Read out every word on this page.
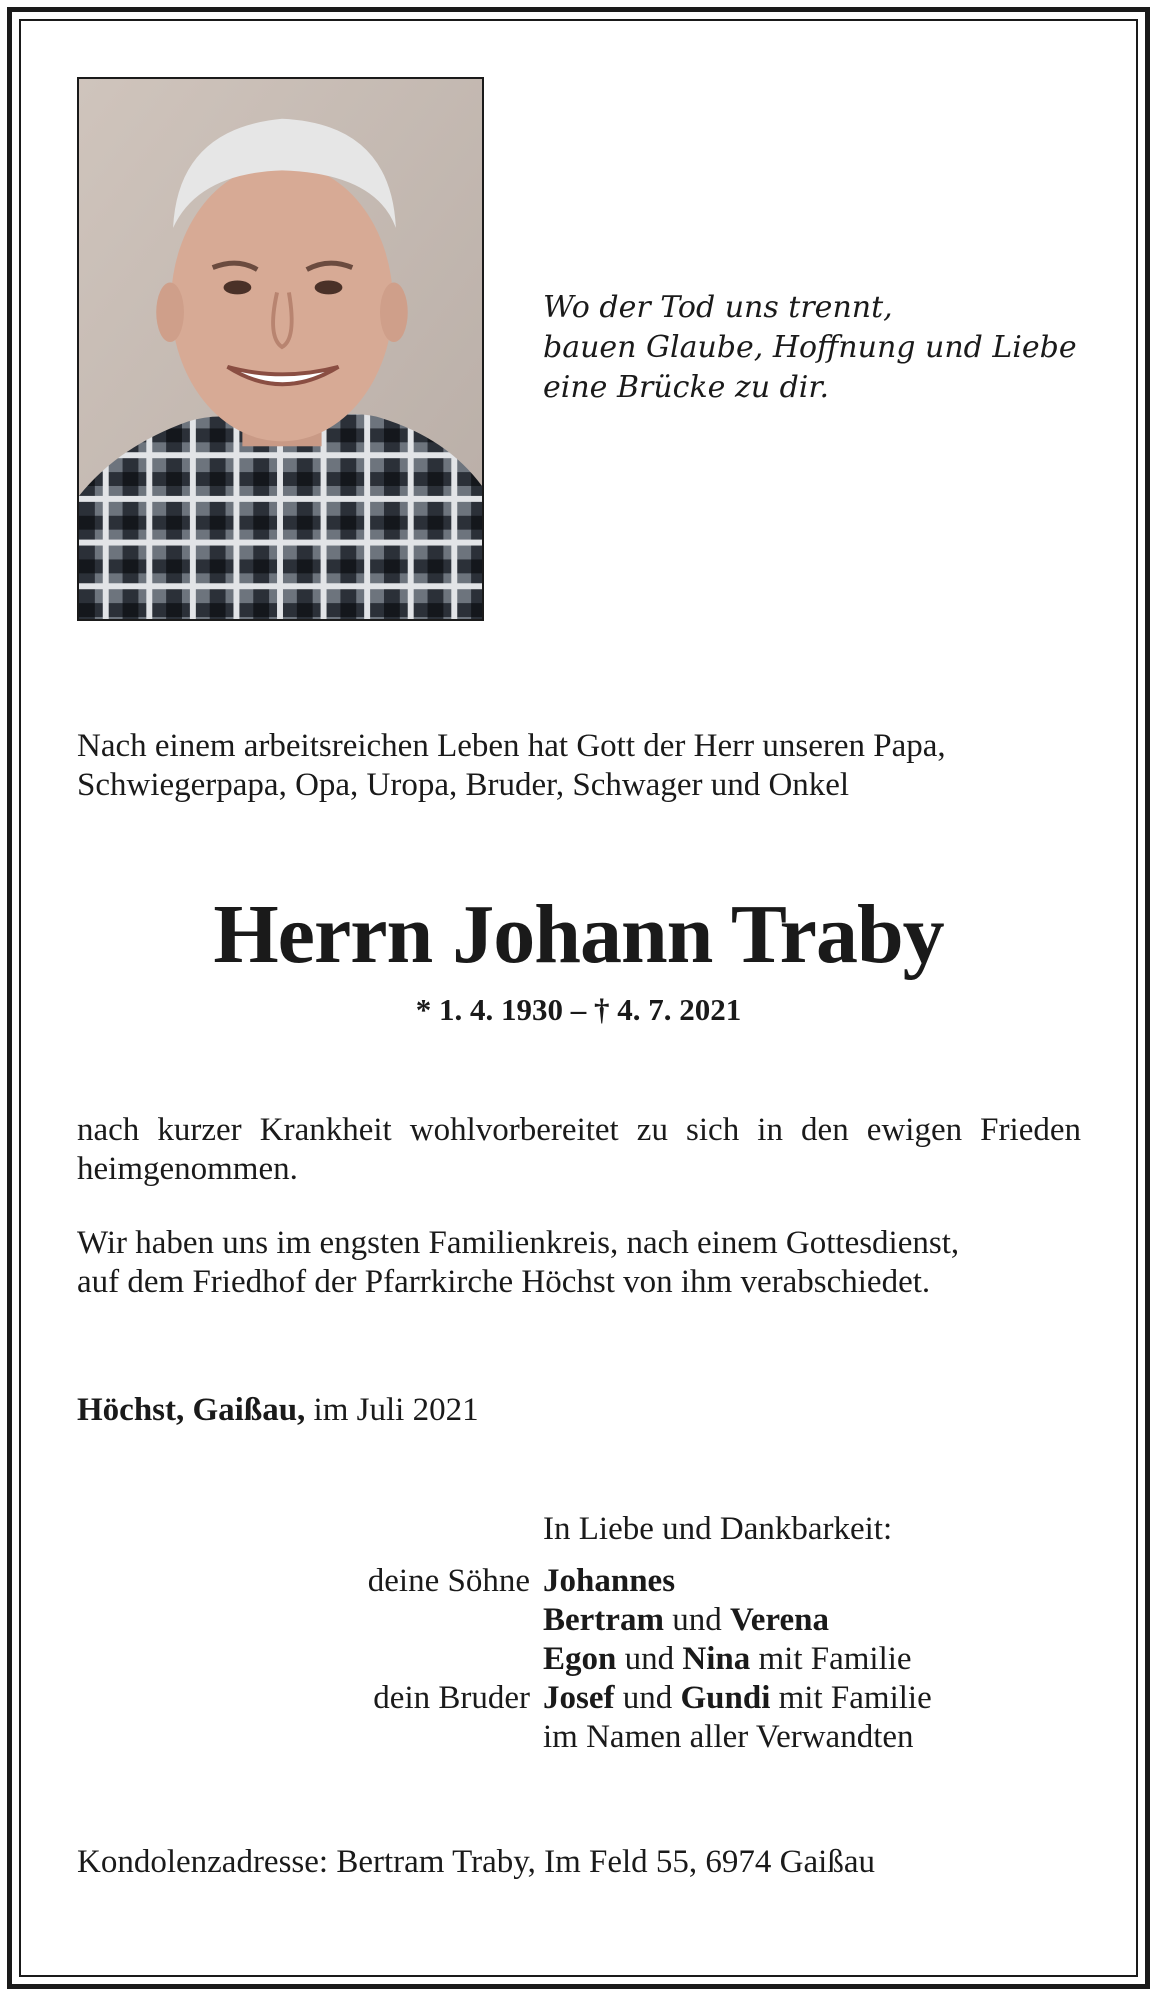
Wo der Tod uns trennt,
bauen Glaube, Hoffnung und Liebe
eine Brücke zu dir.
Nach einem arbeitsreichen Leben hat Gott der Herr unseren Papa,
Schwiegerpapa, Opa, Uropa, Bruder, Schwager und Onkel
Herrn Johann Traby
* 1. 4. 1930 – † 4. 7. 2021
nach kurzer Krankheit wohlvorbereitet zu sich in den ewigen Frieden heimgenommen.
Wir haben uns im engsten Familienkreis, nach einem Gottesdienst,
auf dem Friedhof der Pfarrkirche Höchst von ihm verabschiedet.
Höchst, Gaißau, im Juli 2021
In Liebe und Dankbarkeit:
deine Söhne Johannes
Bertram und Verena
Egon und Nina mit Familie
dein Bruder Josef und Gundi mit Familie
im Namen aller Verwandten
Kondolenzadresse: Bertram Traby, Im Feld 55, 6974 Gaißau
